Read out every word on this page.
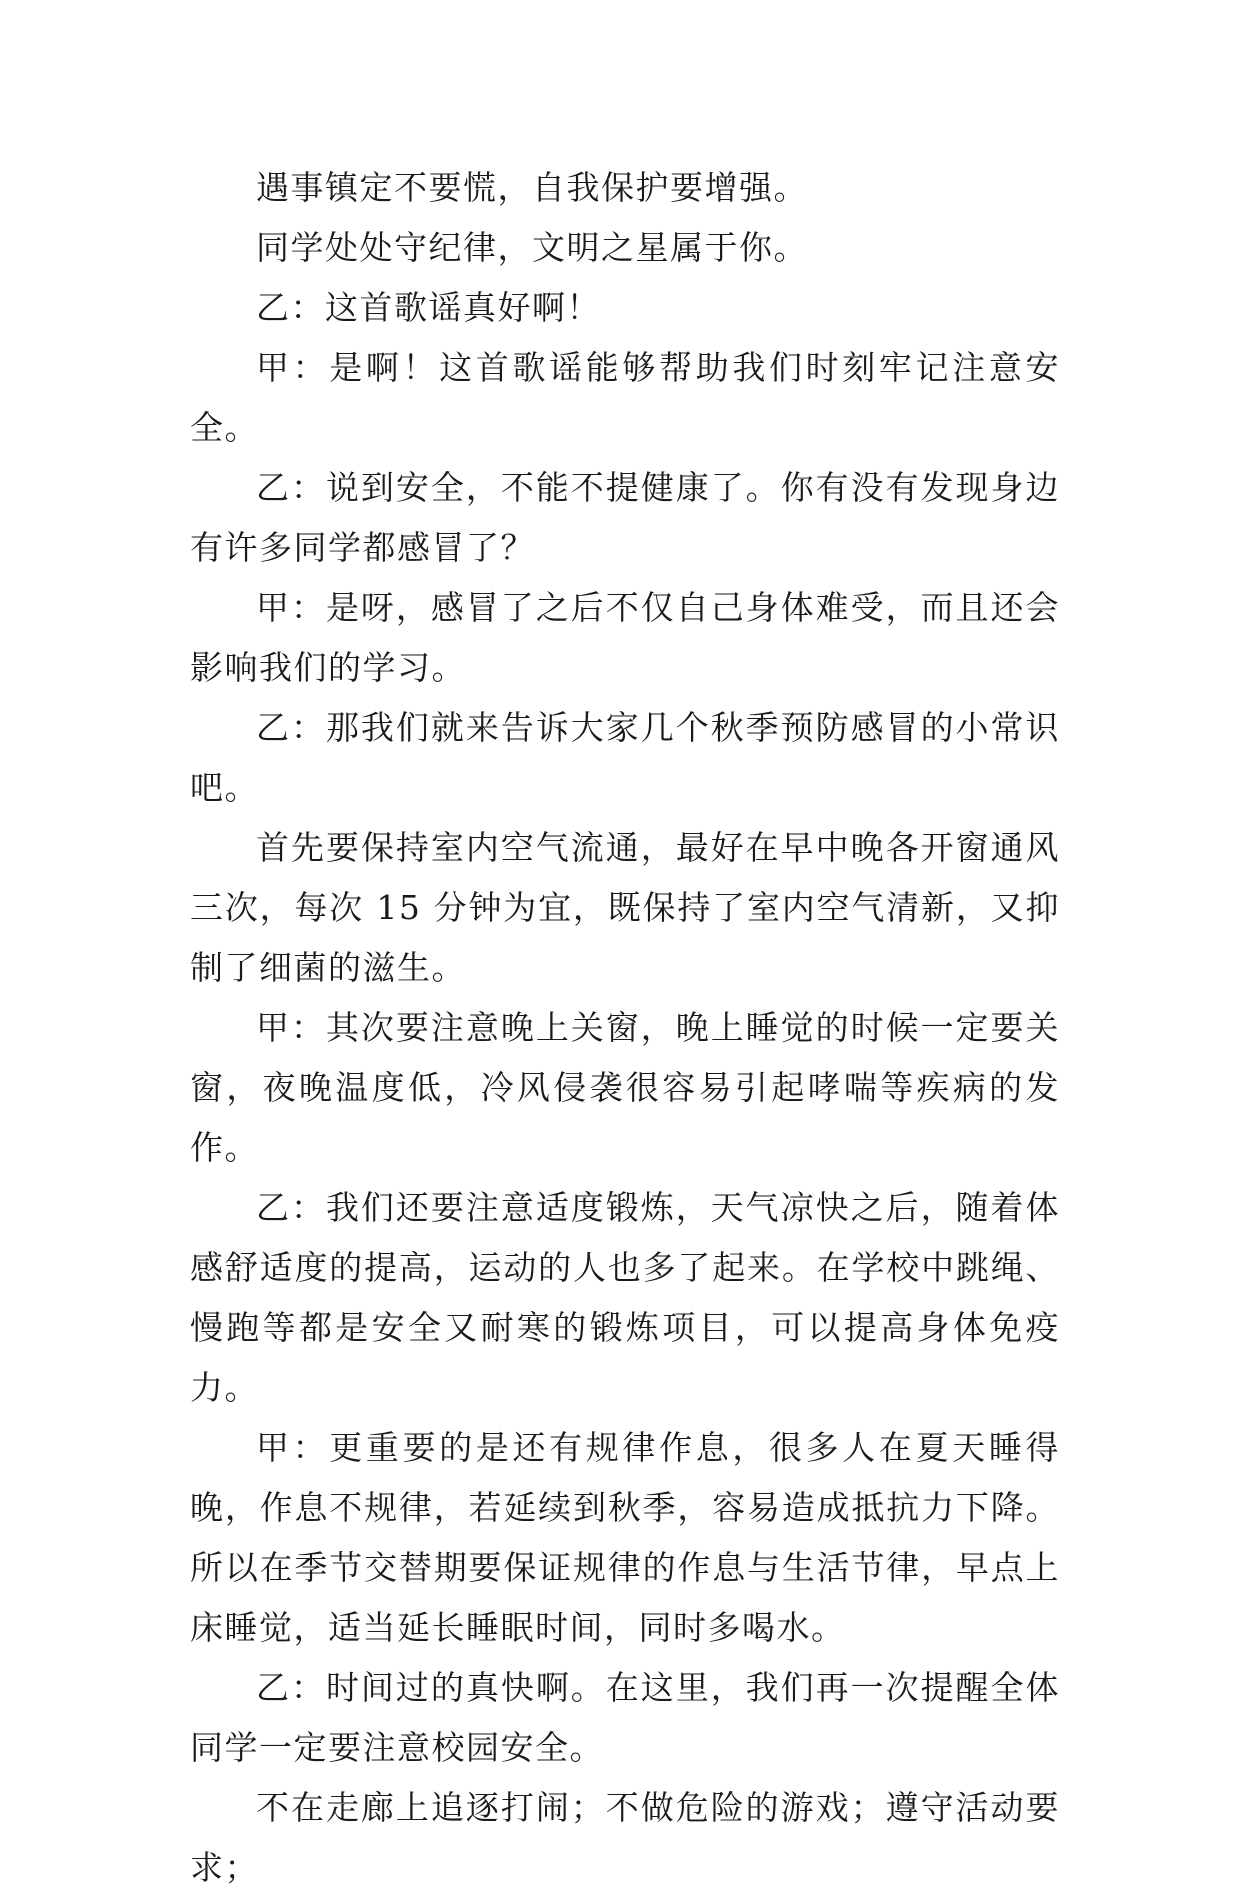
遇事镇定不要慌，自我保护要增强。

同学处处守纪律，文明之星属于你。

乙：这首歌谣真好啊！

甲：是啊！这首歌谣能够帮助我们时刻牢记注意安全。

乙：说到安全，不能不提健康了。你有没有发现身边有许多同学都感冒了？

甲：是呀，感冒了之后不仅自己身体难受，而且还会影响我们的学习。

乙：那我们就来告诉大家几个秋季预防感冒的小常识吧。

首先要保持室内空气流通，最好在早中晚各开窗通风三次，每次 15 分钟为宜，既保持了室内空气清新，又抑制了细菌的滋生。

甲：其次要注意晚上关窗，晚上睡觉的时候一定要关窗，夜晚温度低，冷风侵袭很容易引起哮喘等疾病的发作。

乙：我们还要注意适度锻炼，天气凉快之后，随着体感舒适度的提高，运动的人也多了起来。在学校中跳绳、慢跑等都是安全又耐寒的锻炼项目，可以提高身体免疫力。

甲：更重要的是还有规律作息，很多人在夏天睡得晚，作息不规律，若延续到秋季，容易造成抵抗力下降。所以在季节交替期要保证规律的作息与生活节律，早点上床睡觉，适当延长睡眠时间，同时多喝水。

乙：时间过的真快啊。在这里，我们再一次提醒全体同学一定要注意校园安全。

不在走廊上追逐打闹；不做危险的游戏；遵守活动要求；
